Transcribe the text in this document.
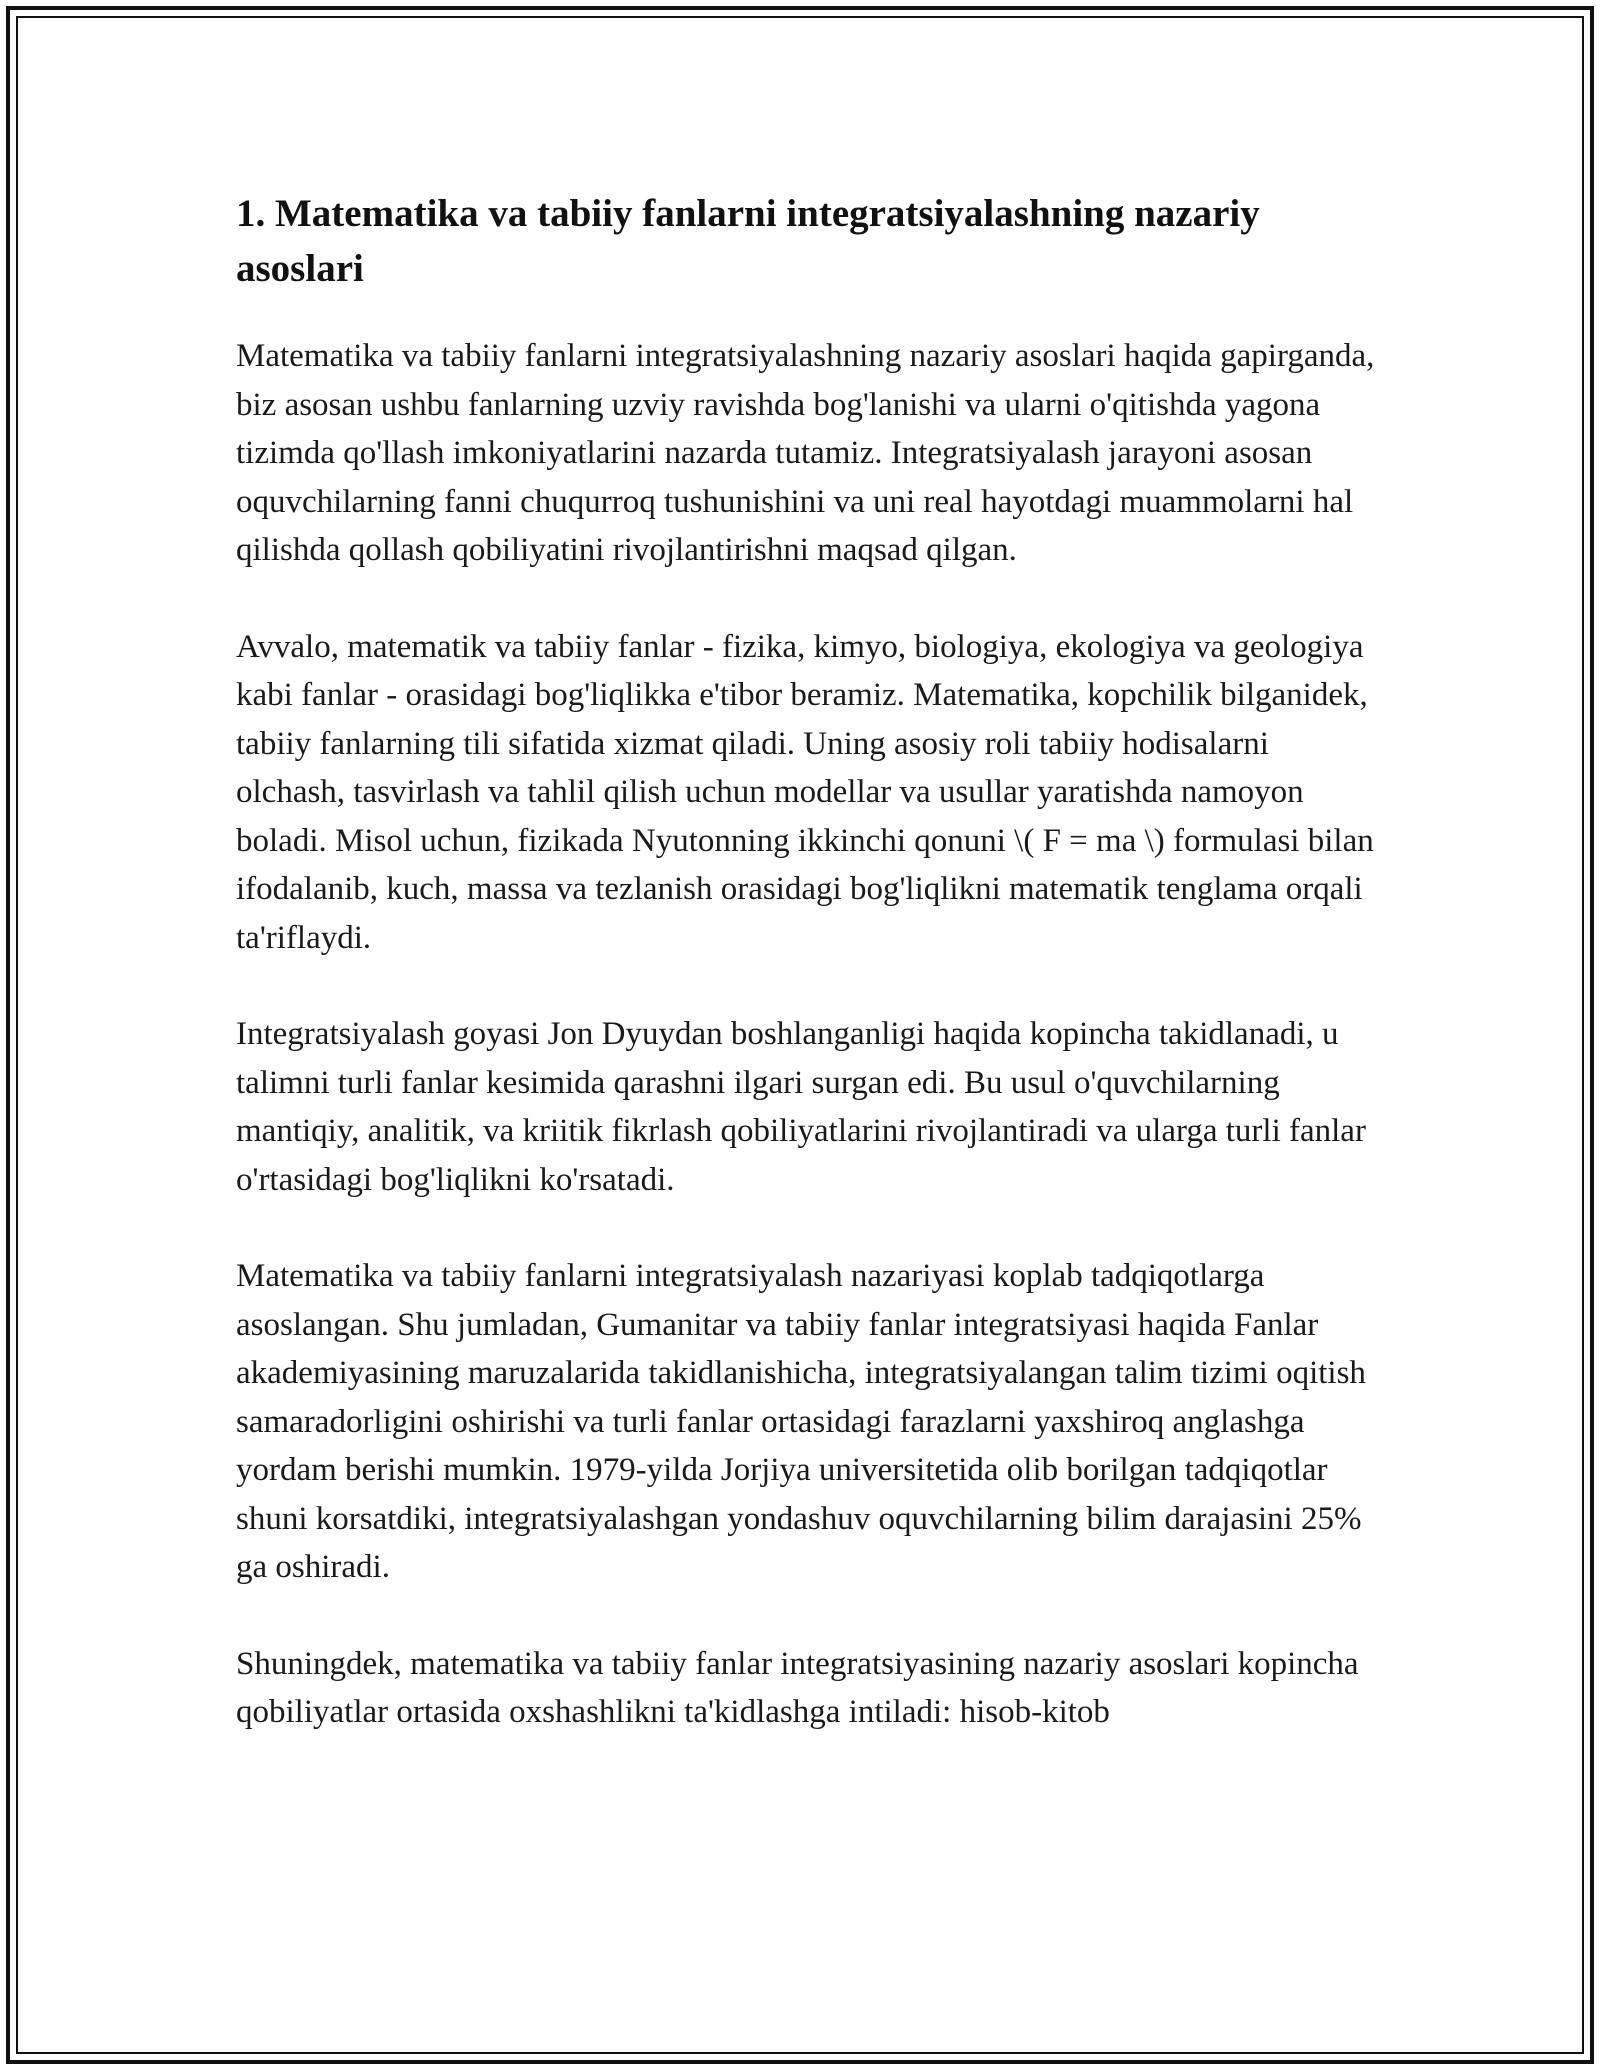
1. Matematika va tabiiy fanlarni integratsiyalashning nazariy asoslari

Matematika va tabiiy fanlarni integratsiyalashning nazariy asoslari haqida gapirganda, biz asosan ushbu fanlarning uzviy ravishda bog'lanishi va ularni o'qitishda yagona tizimda qo'llash imkoniyatlarini nazarda tutamiz. Integratsiyalash jarayoni asosan oquvchilarning fanni chuqurroq tushunishini va uni real hayotdagi muammolarni hal qilishda qollash qobiliyatini rivojlantirishni maqsad qilgan.

Avvalo, matematik va tabiiy fanlar - fizika, kimyo, biologiya, ekologiya va geologiya kabi fanlar - orasidagi bog'liqlikka e'tibor beramiz. Matematika, kopchilik bilganidek, tabiiy fanlarning tili sifatida xizmat qiladi. Uning asosiy roli tabiiy hodisalarni olchash, tasvirlash va tahlil qilish uchun modellar va usullar yaratishda namoyon boladi. Misol uchun, fizikada Nyutonning ikkinchi qonuni \( F = ma \) formulasi bilan ifodalanib, kuch, massa va tezlanish orasidagi bog'liqlikni matematik tenglama orqali ta'riflaydi.

Integratsiyalash goyasi Jon Dyuydan boshlanganligi haqida kopincha takidlanadi, u talimni turli fanlar kesimida qarashni ilgari surgan edi. Bu usul o'quvchilarning mantiqiy, analitik, va kriitik fikrlash qobiliyatlarini rivojlantiradi va ularga turli fanlar o'rtasidagi bog'liqlikni ko'rsatadi.

Matematika va tabiiy fanlarni integratsiyalash nazariyasi koplab tadqiqotlarga asoslangan. Shu jumladan, Gumanitar va tabiiy fanlar integratsiyasi haqida Fanlar akademiyasining maruzalarida takidlanishicha, integratsiyalangan talim tizimi oqitish samaradorligini oshirishi va turli fanlar ortasidagi farazlarni yaxshiroq anglashga yordam berishi mumkin. 1979-yilda Jorjiya universitetida olib borilgan tadqiqotlar shuni korsatdiki, integratsiyalashgan yondashuv oquvchilarning bilim darajasini 25% ga oshiradi.

Shuningdek, matematika va tabiiy fanlar integratsiyasining nazariy asoslari kopincha qobiliyatlar ortasida oxshashlikni ta'kidlashga intiladi: hisob-kitob
